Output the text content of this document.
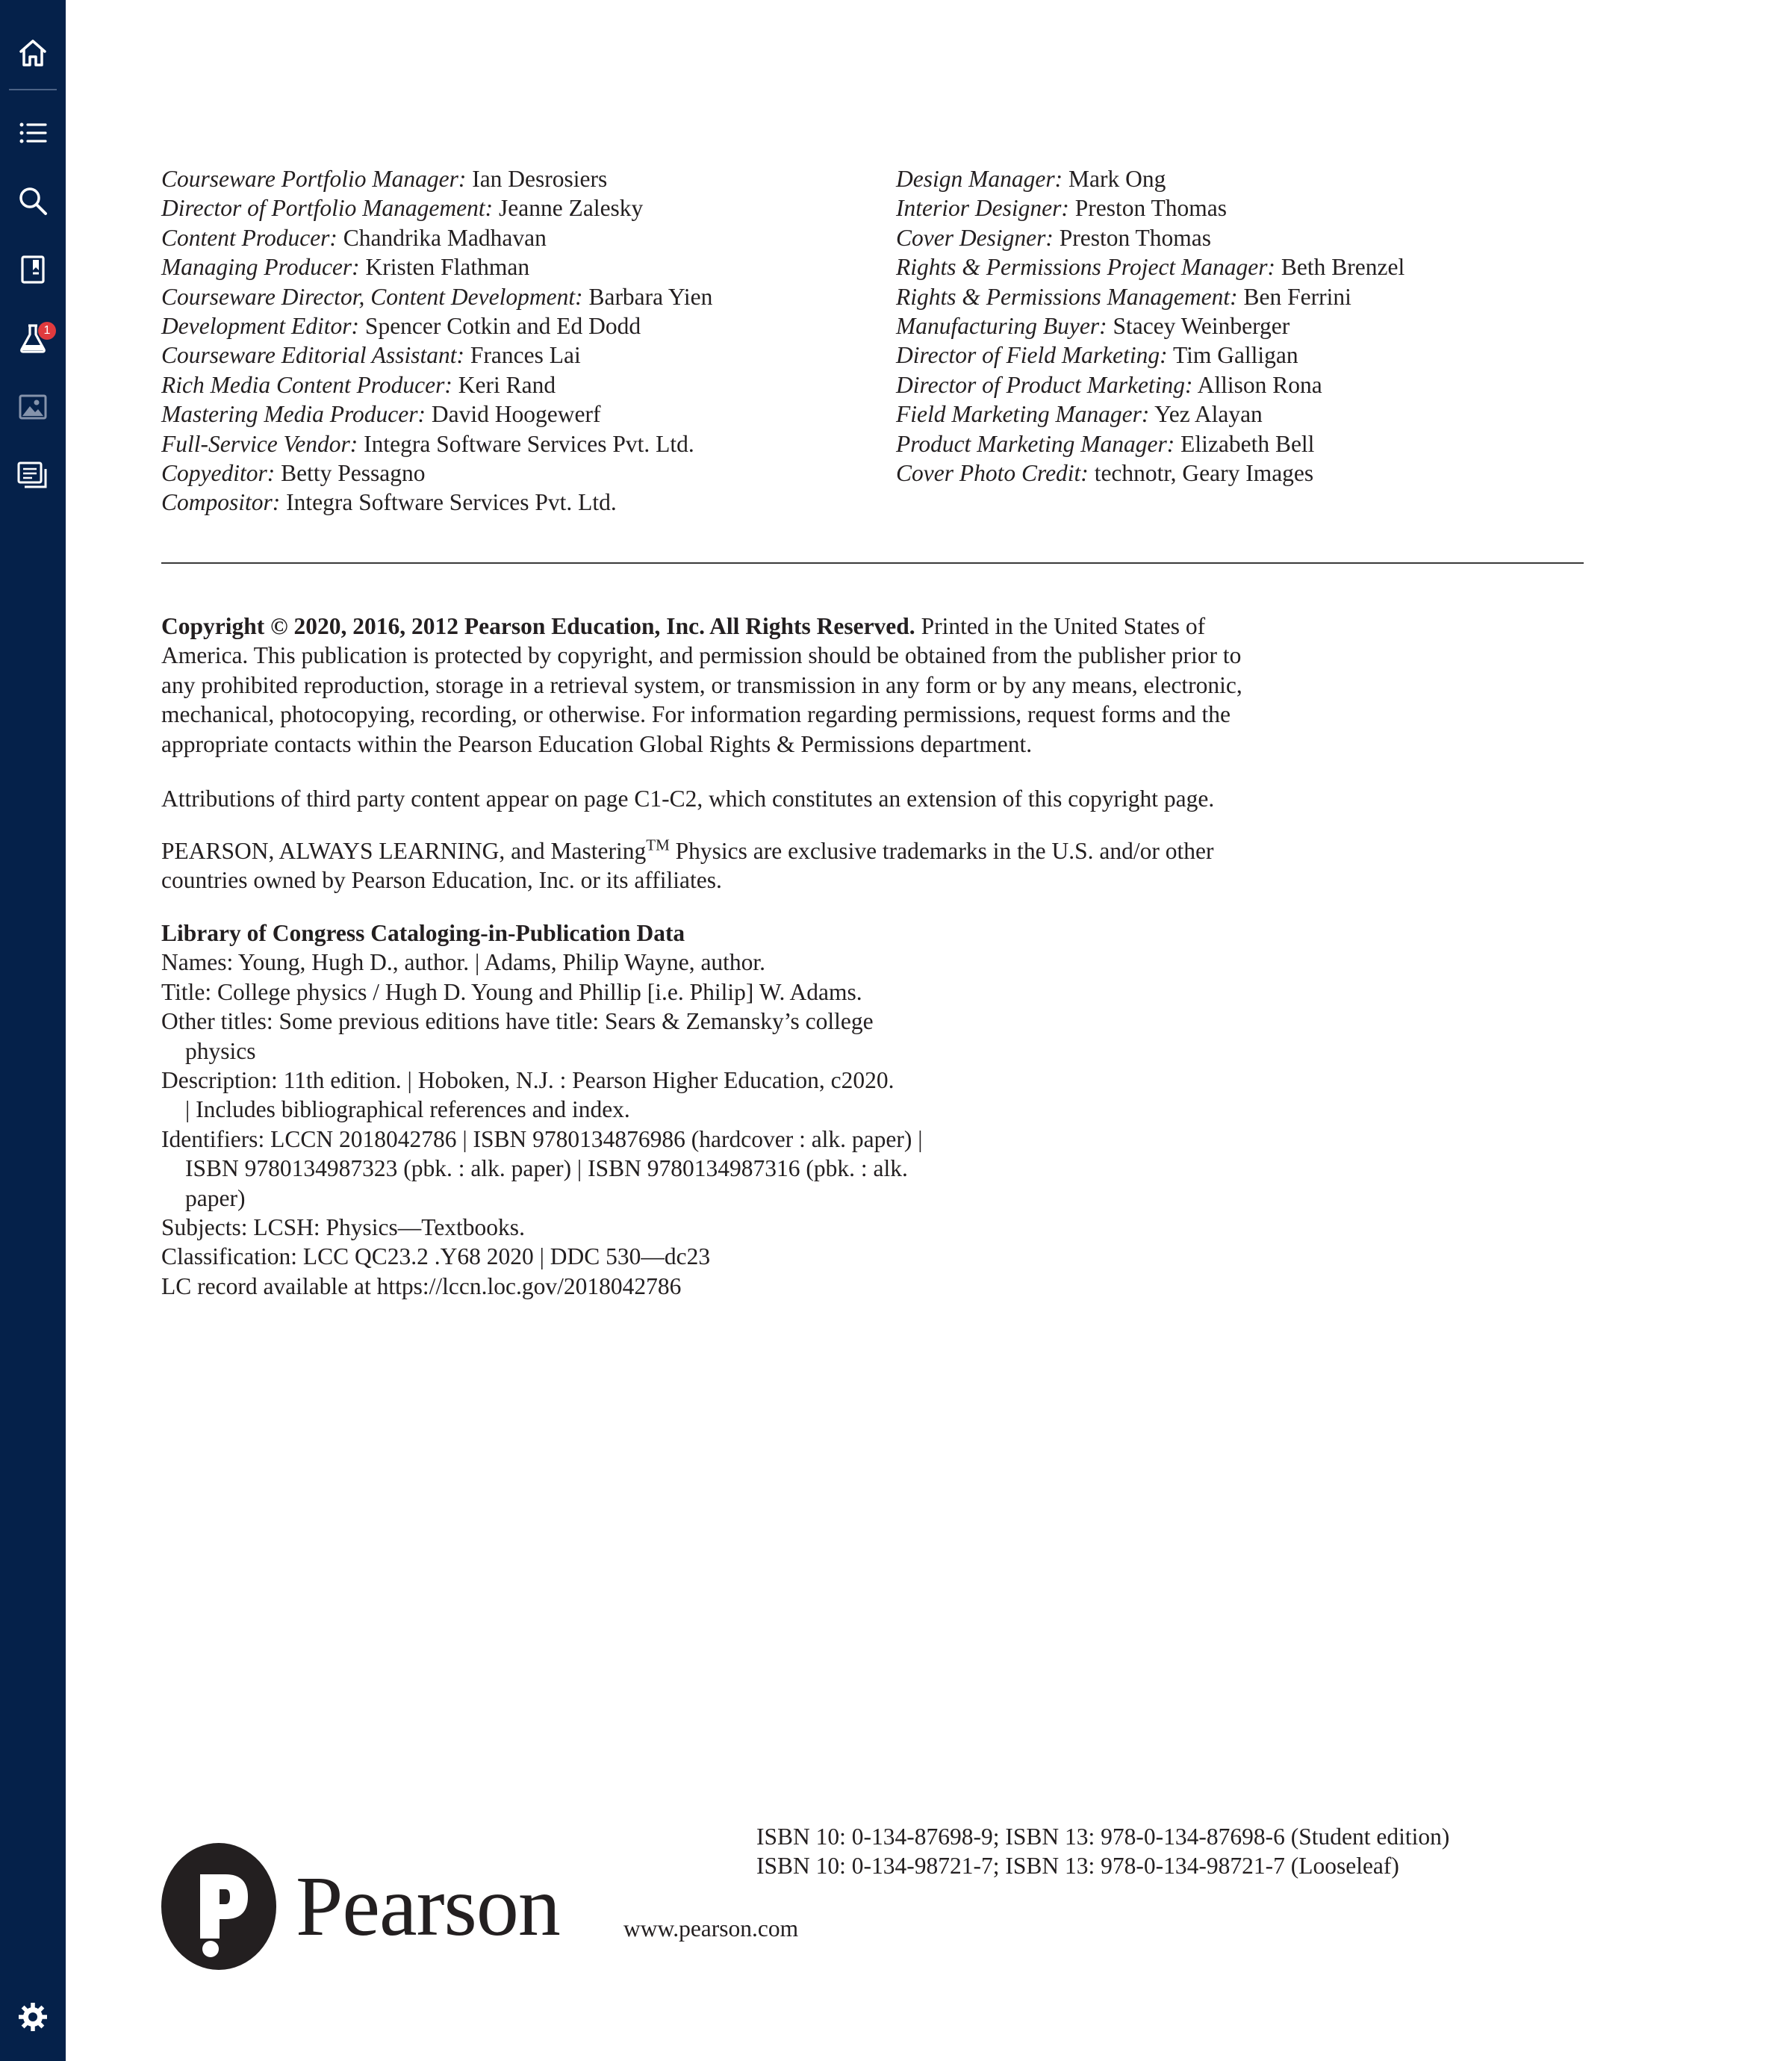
1
Courseware Portfolio Manager: Ian Desrosiers
Director of Portfolio Management: Jeanne Zalesky
Content Producer: Chandrika Madhavan
Managing Producer: Kristen Flathman
Courseware Director, Content Development: Barbara Yien
Development Editor: Spencer Cotkin and Ed Dodd
Courseware Editorial Assistant: Frances Lai
Rich Media Content Producer: Keri Rand
Mastering Media Producer: David Hoogewerf
Full-Service Vendor: Integra Software Services Pvt. Ltd.
Copyeditor: Betty Pessagno
Compositor: Integra Software Services Pvt. Ltd.
Design Manager: Mark Ong
Interior Designer: Preston Thomas
Cover Designer: Preston Thomas
Rights & Permissions Project Manager: Beth Brenzel
Rights & Permissions Management: Ben Ferrini
Manufacturing Buyer: Stacey Weinberger
Director of Field Marketing: Tim Galligan
Director of Product Marketing: Allison Rona
Field Marketing Manager: Yez Alayan
Product Marketing Manager: Elizabeth Bell
Cover Photo Credit: technotr, Geary Images
Copyright © 2020, 2016, 2012 Pearson Education, Inc. All Rights Reserved. Printed in the United States of America. This publication is protected by copyright, and permission should be obtained from the publisher prior to any prohibited reproduction, storage in a retrieval system, or transmission in any form or by any means, electronic, mechanical, photocopying, recording, or otherwise. For information regarding permissions, request forms and the appropriate contacts within the Pearson Education Global Rights & Permissions department.
Attributions of third party content appear on page C1-C2, which constitutes an extension of this copyright page.
PEARSON, ALWAYS LEARNING, and Mastering™ Physics are exclusive trademarks in the U.S. and/or other countries owned by Pearson Education, Inc. or its affiliates.
Library of Congress Cataloging-in-Publication Data
Names: Young, Hugh D., author. | Adams, Philip Wayne, author.
Title: College physics / Hugh D. Young and Phillip [i.e. Philip] W. Adams.
Other titles: Some previous editions have title: Sears & Zemansky’s college
physics
Description: 11th edition. | Hoboken, N.J. : Pearson Higher Education, c2020.
| Includes bibliographical references and index.
Identifiers: LCCN 2018042786 | ISBN 9780134876986 (hardcover : alk. paper) |
ISBN 9780134987323 (pbk. : alk. paper) | ISBN 9780134987316 (pbk. : alk.
paper)
Subjects: LCSH: Physics—Textbooks.
Classification: LCC QC23.2 .Y68 2020 | DDC 530—dc23
LC record available at https://lccn.loc.gov/2018042786
ISBN 10: 0-134-87698-9; ISBN 13: 978-0-134-87698-6 (Student edition)
ISBN 10: 0-134-98721-7; ISBN 13: 978-0-134-98721-7 (Looseleaf)
Pearson	www.pearson.com
